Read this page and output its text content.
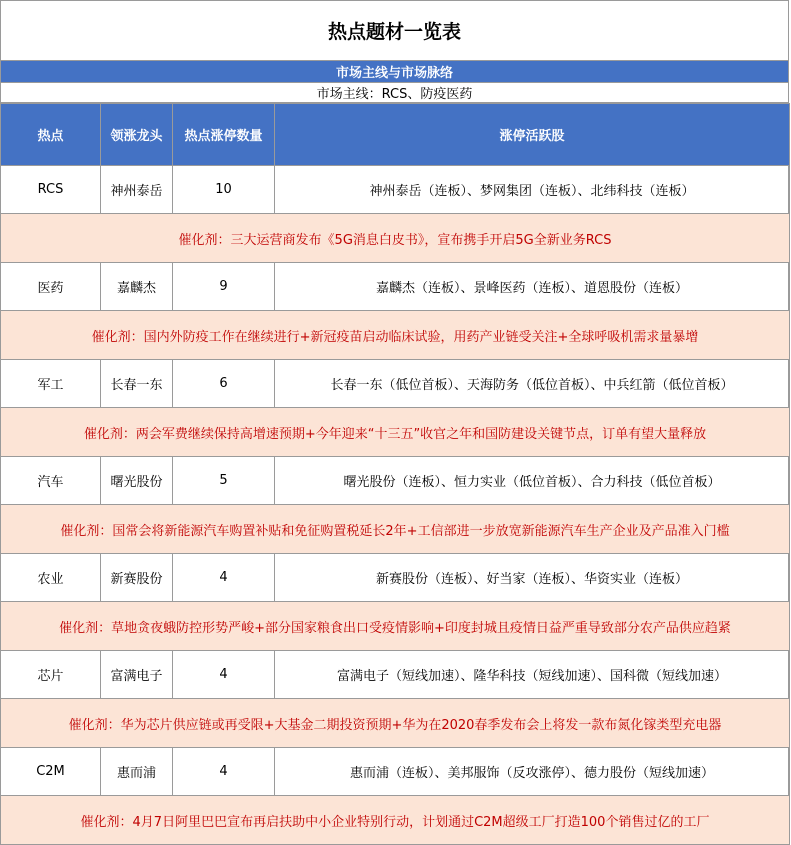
热点题材一览表
市场主线与市场脉络
市场主线：RCS、防疫医药
热点	领涨龙头	热点涨停数量	涨停活跃股
RCS	神州泰岳	10	神州泰岳（连板）、梦网集团（连板）、北纬科技（连板）
催化剂：三大运营商发布《5G消息白皮书》，宣布携手开启5G全新业务RCS			
医药	嘉麟杰	9	嘉麟杰（连板）、景峰医药（连板）、道恩股份（连板）
催化剂：国内外防疫工作在继续进行+新冠疫苗启动临床试验，用药产业链受关注+全球呼吸机需求量暴增			
军工	长春一东	6	长春一东（低位首板）、天海防务（低位首板）、中兵红箭（低位首板）
催化剂：两会军费继续保持高增速预期+今年迎来“十三五”收官之年和国防建设关键节点，订单有望大量释放			
汽车	曙光股份	5	曙光股份（连板）、恒力实业（低位首板）、合力科技（低位首板）
催化剂：国常会将新能源汽车购置补贴和免征购置税延长2年+工信部进一步放宽新能源汽车生产企业及产品准入门槛			
农业	新赛股份	4	新赛股份（连板）、好当家（连板）、华资实业（连板）
催化剂：草地贪夜蛾防控形势严峻+部分国家粮食出口受疫情影响+印度封城且疫情日益严重导致部分农产品供应趋紧			
芯片	富满电子	4	富满电子（短线加速）、隆华科技（短线加速）、国科微（短线加速）
催化剂：华为芯片供应链或再受限+大基金二期投资预期+华为在2020春季发布会上将发一款布氮化镓类型充电器			
C2M	惠而浦	4	惠而浦（连板）、美邦服饰（反攻涨停）、德力股份（短线加速）
催化剂：4月7日阿里巴巴宣布再启扶助中小企业特别行动，计划通过C2M超级工厂打造100个销售过亿的工厂			
